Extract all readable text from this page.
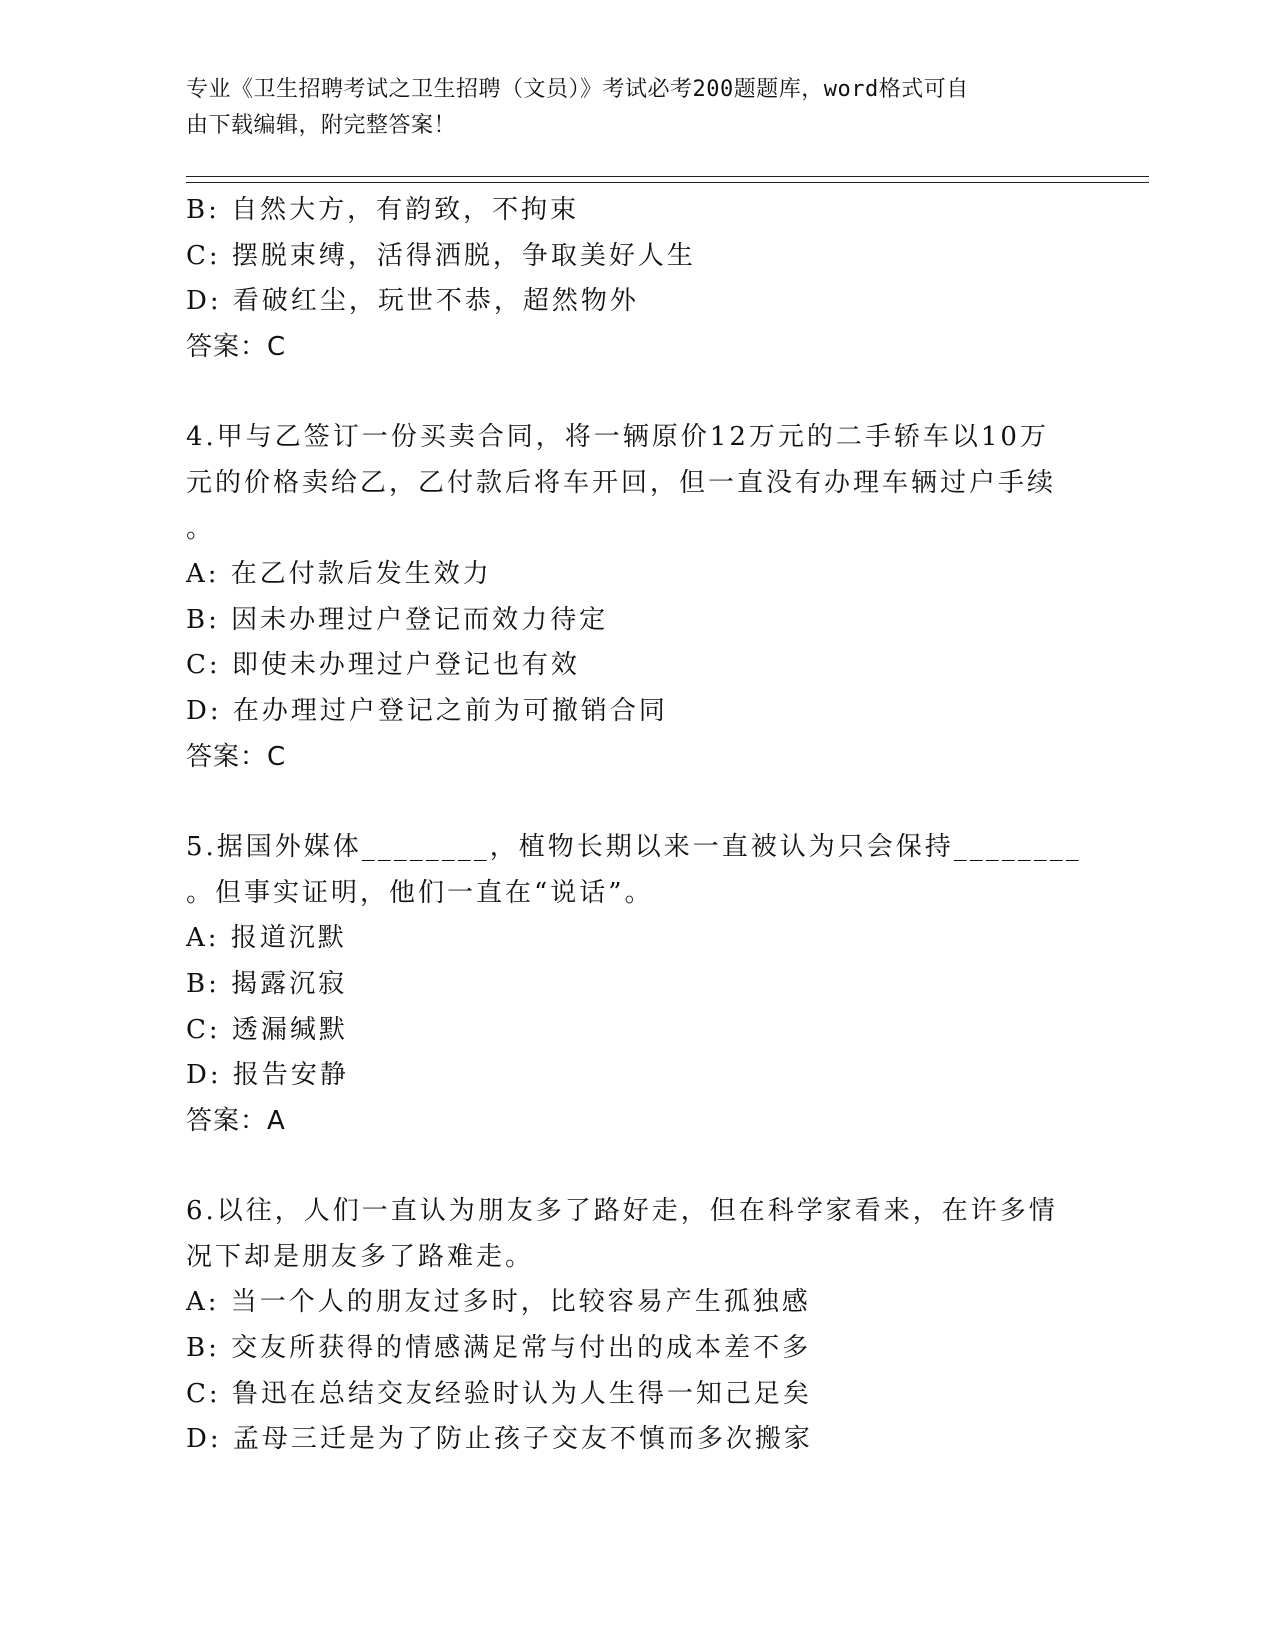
专业《卫生招聘考试之卫生招聘（文员）》考试必考200题题库，word格式可自
由下载编辑，附完整答案！
B: 自然大方，有韵致，不拘束
C: 摆脱束缚，活得洒脱，争取美好人生
D: 看破红尘，玩世不恭，超然物外
答案：C
4.甲与乙签订一份买卖合同，将一辆原价12万元的二手轿车以10万
元的价格卖给乙，乙付款后将车开回，但一直没有办理车辆过户手续
。
A: 在乙付款后发生效力
B: 因未办理过户登记而效力待定
C: 即使未办理过户登记也有效
D: 在办理过户登记之前为可撤销合同
答案：C
5.据国外媒体________，植物长期以来一直被认为只会保持________
。但事实证明，他们一直在“说话”。
A: 报道沉默
B: 揭露沉寂
C: 透漏缄默
D: 报告安静
答案：A
6.以往，人们一直认为朋友多了路好走，但在科学家看来，在许多情
况下却是朋友多了路难走。
A: 当一个人的朋友过多时，比较容易产生孤独感
B: 交友所获得的情感满足常与付出的成本差不多
C: 鲁迅在总结交友经验时认为人生得一知己足矣
D: 孟母三迁是为了防止孩子交友不慎而多次搬家
